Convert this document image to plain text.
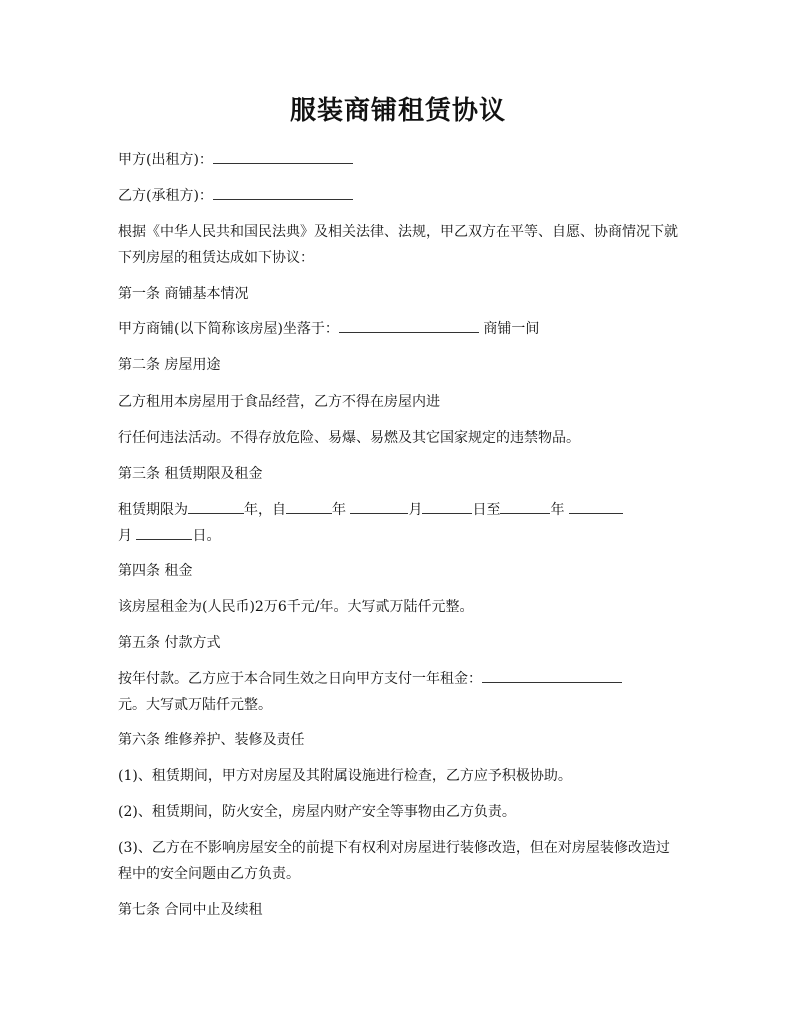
服装商铺租赁协议
甲方(出租方)：
乙方(承租方)：
根据《中华人民共和国民法典》及相关法律、法规，甲乙双方在平等、自愿、协商情况下就下列房屋的租赁达成如下协议：
第一条 商铺基本情况
甲方商铺(以下简称该房屋)坐落于：	商铺一间
第二条 房屋用途
乙方租用本房屋用于食品经营，乙方不得在房屋内进
行任何违法活动。不得存放危险、易爆、易燃及其它国家规定的违禁物品。
第三条 租赁期限及租金
租赁期限为	年，自	年	月	日至	年
月	日。
第四条 租金
该房屋租金为(人民币)2万6千元/年。大写贰万陆仟元整。
第五条 付款方式
按年付款。乙方应于本合同生效之日向甲方支付一年租金：
元。大写贰万陆仟元整。
第六条 维修养护、装修及责任
(1)、租赁期间，甲方对房屋及其附属设施进行检查，乙方应予积极协助。
(2)、租赁期间，防火安全，房屋内财产安全等事物由乙方负责。
(3)、乙方在不影响房屋安全的前提下有权利对房屋进行装修改造，但在对房屋装修改造过程中的安全问题由乙方负责。
第七条 合同中止及续租
